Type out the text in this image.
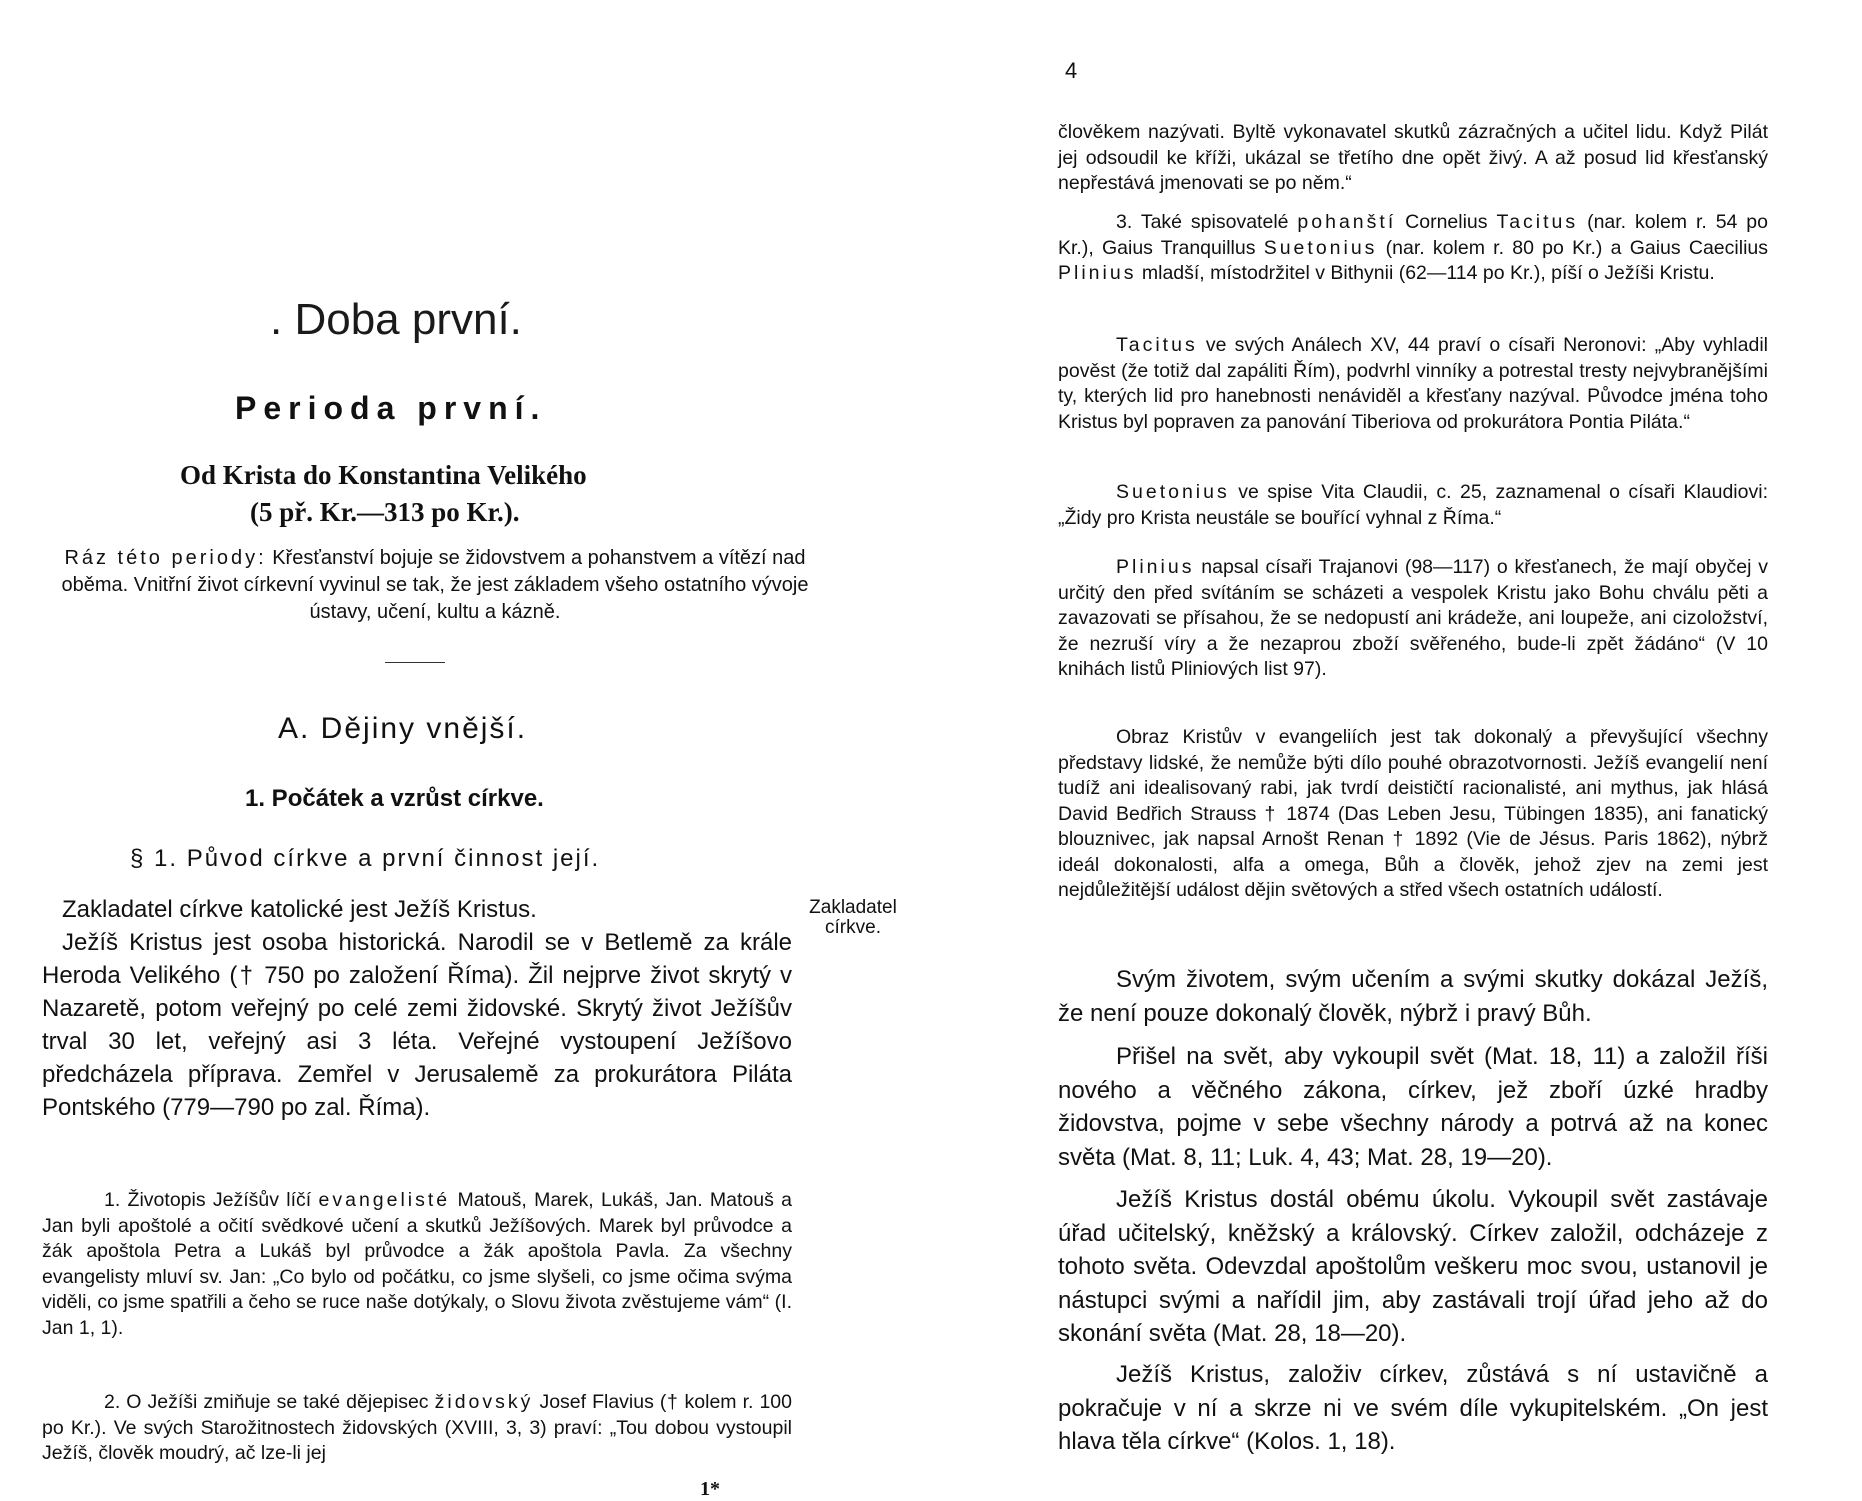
. Doba první.
Perioda první.
Od Krista do Konstantina Velikého
(5 př. Kr.—313 po Kr.).
Ráz této periody: Křesťanství bojuje se židovstvem a pohanstvem a vítězí nad oběma. Vnitřní život církevní vyvinul se tak, že jest základem všeho ostatního vývoje ústavy, učení, kultu a kázně.
A. Dějiny vnější.
1. Počátek a vzrůst církve.
§ 1. Původ církve a první činnost její.
Zakladatel církve katolické jest Ježíš Kristus.	Zakladatel církve.

Ježíš Kristus jest osoba historická. Narodil se v Betlemě za krále Heroda Velikého († 750 po založení Říma). Žil nejprve život skrytý v Nazaretě, potom veřejný po celé zemi židovské. Skrytý život Ježíšův trval 30 let, veřejný asi 3 léta. Veřejné vystoupení Ježíšovo předcházela příprava. Zemřel v Jerusalemě za prokurátora Piláta Pontského (779—790 po zal. Říma).

1. Životopis Ježíšův líčí evangelisté Matouš, Marek, Lukáš, Jan. Matouš a Jan byli apoštolé a očití svědkové učení a skutků Ježíšových. Marek byl průvodce a žák apoštola Petra a Lukáš byl průvodce a žák apoštola Pavla. Za všechny evangelisty mluví sv. Jan: „Co bylo od počátku, co jsme slyšeli, co jsme očima svýma viděli, co jsme spatřili a čeho se ruce naše dotýkaly, o Slovu života zvěstujeme vám“ (I. Jan 1, 1).

2. O Ježíši zmiňuje se také dějepisec židovský Josef Flavius († kolem r. 100 po Kr.). Ve svých Starožitnostech židovských (XVIII, 3, 3) praví: „Tou dobou vystoupil Ježíš, člověk moudrý, ač lze-li jej

1*
4

člověkem nazývati. Byltě vykonavatel skutků zázračných a učitel lidu. Když Pilát jej odsoudil ke kříži, ukázal se třetího dne opět živý. A až posud lid křesťanský nepřestává jmenovati se po něm.“

3. Také spisovatelé pohanští Cornelius Tacitus (nar. kolem r. 54 po Kr.), Gaius Tranquillus Suetonius (nar. kolem r. 80 po Kr.) a Gaius Caecilius Plinius mladší, místodržitel v Bithynii (62—114 po Kr.), píší o Ježíši Kristu.

Tacitus ve svých Análech XV, 44 praví o císaři Neronovi: „Aby vyhladil pověst (že totiž dal zapáliti Řím), podvrhl vinníky a potrestal tresty nejvybranějšími ty, kterých lid pro hanebnosti nenáviděl a křesťany nazýval. Původce jména toho Kristus byl popraven za panování Tiberiova od prokurátora Pontia Piláta.“

Suetonius ve spise Vita Claudii, c. 25, zaznamenal o císaři Klaudiovi: „Židy pro Krista neustále se bouřící vyhnal z Říma.“

Plinius napsal císaři Trajanovi (98—117) o křesťanech, že mají obyčej v určitý den před svítáním se scházeti a vespolek Kristu jako Bohu chválu pěti a zavazovati se přísahou, že se nedopustí ani krádeže, ani loupeže, ani cizoložství, že nezruší víry a že nezaprou zboží svěřeného, bude-li zpět žádáno“ (V 10 knihách listů Pliniových list 97).

Obraz Kristův v evangeliích jest tak dokonalý a převyšující všechny představy lidské, že nemůže býti dílo pouhé obrazotvornosti. Ježíš evangelií není tudíž ani idealisovaný rabi, jak tvrdí deističtí racionalisté, ani mythus, jak hlásá David Bedřich Strauss † 1874 (Das Leben Jesu, Tübingen 1835), ani fanatický blouznivec, jak napsal Arnošt Renan † 1892 (Vie de Jésus. Paris 1862), nýbrž ideál dokonalosti, alfa a omega, Bůh a člověk, jehož zjev na zemi jest nejdůležitější událost dějin světových a střed všech ostatních událostí.

Svým životem, svým učením a svými skutky dokázal Ježíš, že není pouze dokonalý člověk, nýbrž i pravý Bůh.

Přišel na svět, aby vykoupil svět (Mat. 18, 11) a založil říši nového a věčného zákona, církev, jež zboří úzké hradby židovstva, pojme v sebe všechny národy a potrvá až na konec světa (Mat. 8, 11; Luk. 4, 43; Mat. 28, 19—20).

Ježíš Kristus dostál obému úkolu. Vykoupil svět zastávaje úřad učitelský, kněžský a královský. Církev založil, odcházeje z tohoto světa. Odevzdal apoštolům veškeru moc svou, ustanovil je nástupci svými a nařídil jim, aby zastávali trojí úřad jeho až do skonání světa (Mat. 28, 18—20).

Ježíš Kristus, založiv církev, zůstává s ní ustavičně a pokračuje v ní a skrze ni ve svém díle vykupitelském. „On jest hlava těla církve“ (Kolos. 1, 18).
